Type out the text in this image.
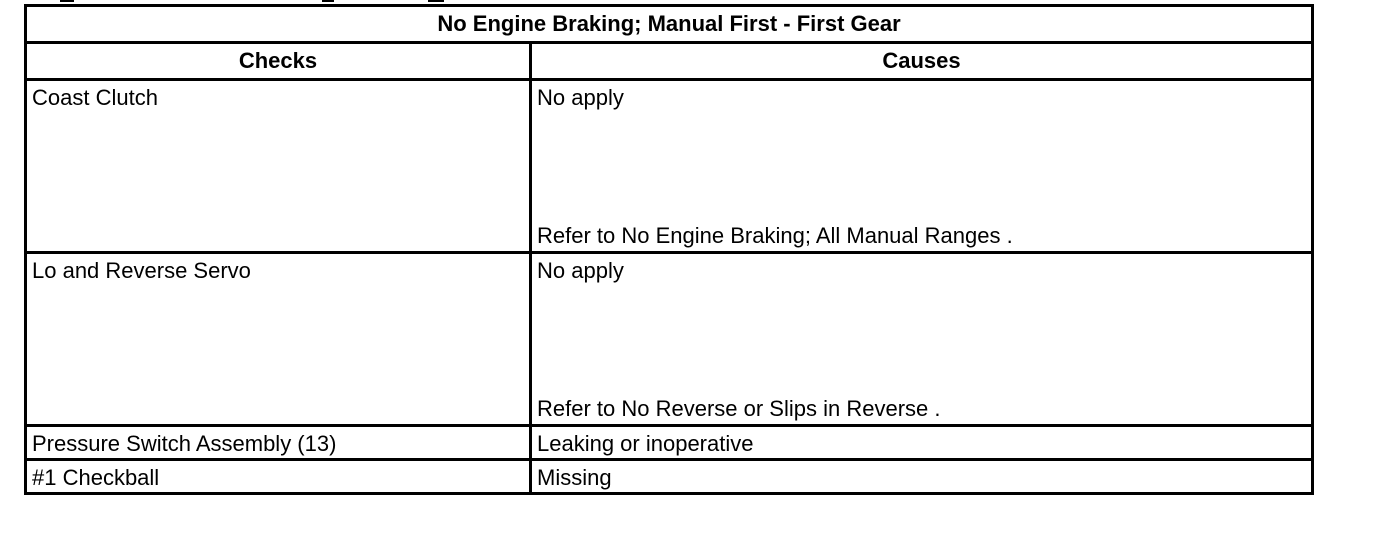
No Engine Braking; Manual First - First Gear	
Checks	Causes

Coast Clutch	No apply
Refer to No Engine Braking; All Manual Ranges .

Lo and Reverse Servo	No apply
Refer to No Reverse or Slips in Reverse .

Pressure Switch Assembly (13)	Leaking or inoperative

#1 Checkball	Missing
